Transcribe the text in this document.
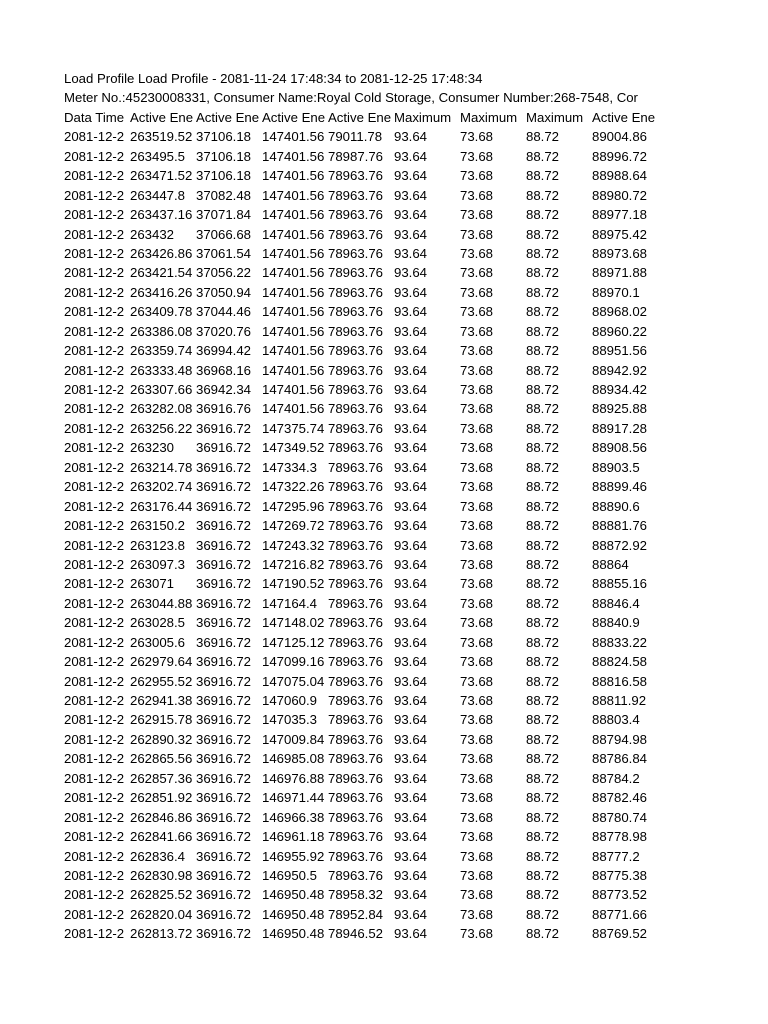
Load Profile Load Profile - 2081-11-24 17:48:34 to 2081-12-25 17:48:34
Meter No.:45230008331, Consumer Name:Royal Cold Storage, Consumer Number:268-7548, Cor
Data Time Active Ene Active Ene Active Ene Active Ene Maximum Maximum Maximum Active Ene
2081-12-2 263519.52 37106.18 147401.56 79011.78 93.64	73.68	88.72	89004.86
2081-12-2 263495.5 37106.18 147401.56 78987.76 93.64	73.68	88.72	88996.72
2081-12-2 263471.52 37106.18 147401.56 78963.76 93.64	73.68	88.72	88988.64
2081-12-2 263447.8 37082.48 147401.56 78963.76 93.64	73.68	88.72	88980.72
2081-12-2 263437.16 37071.84 147401.56 78963.76 93.64	73.68	88.72	88977.18
2081-12-2 263432	37066.68 147401.56 78963.76 93.64	73.68	88.72	88975.42
2081-12-2 263426.86 37061.54 147401.56 78963.76 93.64	73.68	88.72	88973.68
2081-12-2 263421.54 37056.22 147401.56 78963.76 93.64	73.68	88.72	88971.88
2081-12-2 263416.26 37050.94 147401.56 78963.76 93.64	73.68	88.72	88970.1
2081-12-2 263409.78 37044.46 147401.56 78963.76 93.64	73.68	88.72	88968.02
2081-12-2 263386.08 37020.76 147401.56 78963.76 93.64	73.68	88.72	88960.22
2081-12-2 263359.74 36994.42 147401.56 78963.76 93.64	73.68	88.72	88951.56
2081-12-2 263333.48 36968.16 147401.56 78963.76 93.64	73.68	88.72	88942.92
2081-12-2 263307.66 36942.34 147401.56 78963.76 93.64	73.68	88.72	88934.42
2081-12-2 263282.08 36916.76 147401.56 78963.76 93.64	73.68	88.72	88925.88
2081-12-2 263256.22 36916.72 147375.74 78963.76 93.64	73.68	88.72	88917.28
2081-12-2 263230	36916.72 147349.52 78963.76 93.64	73.68	88.72	88908.56
2081-12-2 263214.78 36916.72 147334.3 78963.76 93.64	73.68	88.72	88903.5
2081-12-2 263202.74 36916.72 147322.26 78963.76 93.64	73.68	88.72	88899.46
2081-12-2 263176.44 36916.72 147295.96 78963.76 93.64	73.68	88.72	88890.6
2081-12-2 263150.2 36916.72 147269.72 78963.76 93.64	73.68	88.72	88881.76
2081-12-2 263123.8 36916.72 147243.32 78963.76 93.64	73.68	88.72	88872.92
2081-12-2 263097.3 36916.72 147216.82 78963.76 93.64	73.68	88.72	88864
2081-12-2 263071	36916.72 147190.52 78963.76 93.64	73.68	88.72	88855.16
2081-12-2 263044.88 36916.72 147164.4 78963.76 93.64	73.68	88.72	88846.4
2081-12-2 263028.5 36916.72 147148.02 78963.76 93.64	73.68	88.72	88840.9
2081-12-2 263005.6 36916.72 147125.12 78963.76 93.64	73.68	88.72	88833.22
2081-12-2 262979.64 36916.72 147099.16 78963.76 93.64	73.68	88.72	88824.58
2081-12-2 262955.52 36916.72 147075.04 78963.76 93.64	73.68	88.72	88816.58
2081-12-2 262941.38 36916.72 147060.9 78963.76 93.64	73.68	88.72	88811.92
2081-12-2 262915.78 36916.72 147035.3 78963.76 93.64	73.68	88.72	88803.4
2081-12-2 262890.32 36916.72 147009.84 78963.76 93.64	73.68	88.72	88794.98
2081-12-2 262865.56 36916.72 146985.08 78963.76 93.64	73.68	88.72	88786.84
2081-12-2 262857.36 36916.72 146976.88 78963.76 93.64	73.68	88.72	88784.2
2081-12-2 262851.92 36916.72 146971.44 78963.76 93.64	73.68	88.72	88782.46
2081-12-2 262846.86 36916.72 146966.38 78963.76 93.64	73.68	88.72	88780.74
2081-12-2 262841.66 36916.72 146961.18 78963.76 93.64	73.68	88.72	88778.98
2081-12-2 262836.4 36916.72 146955.92 78963.76 93.64	73.68	88.72	88777.2
2081-12-2 262830.98 36916.72 146950.5 78963.76 93.64	73.68	88.72	88775.38
2081-12-2 262825.52 36916.72 146950.48 78958.32 93.64	73.68	88.72	88773.52
2081-12-2 262820.04 36916.72 146950.48 78952.84 93.64	73.68	88.72	88771.66
2081-12-2 262813.72 36916.72 146950.48 78946.52 93.64	73.68	88.72	88769.52
